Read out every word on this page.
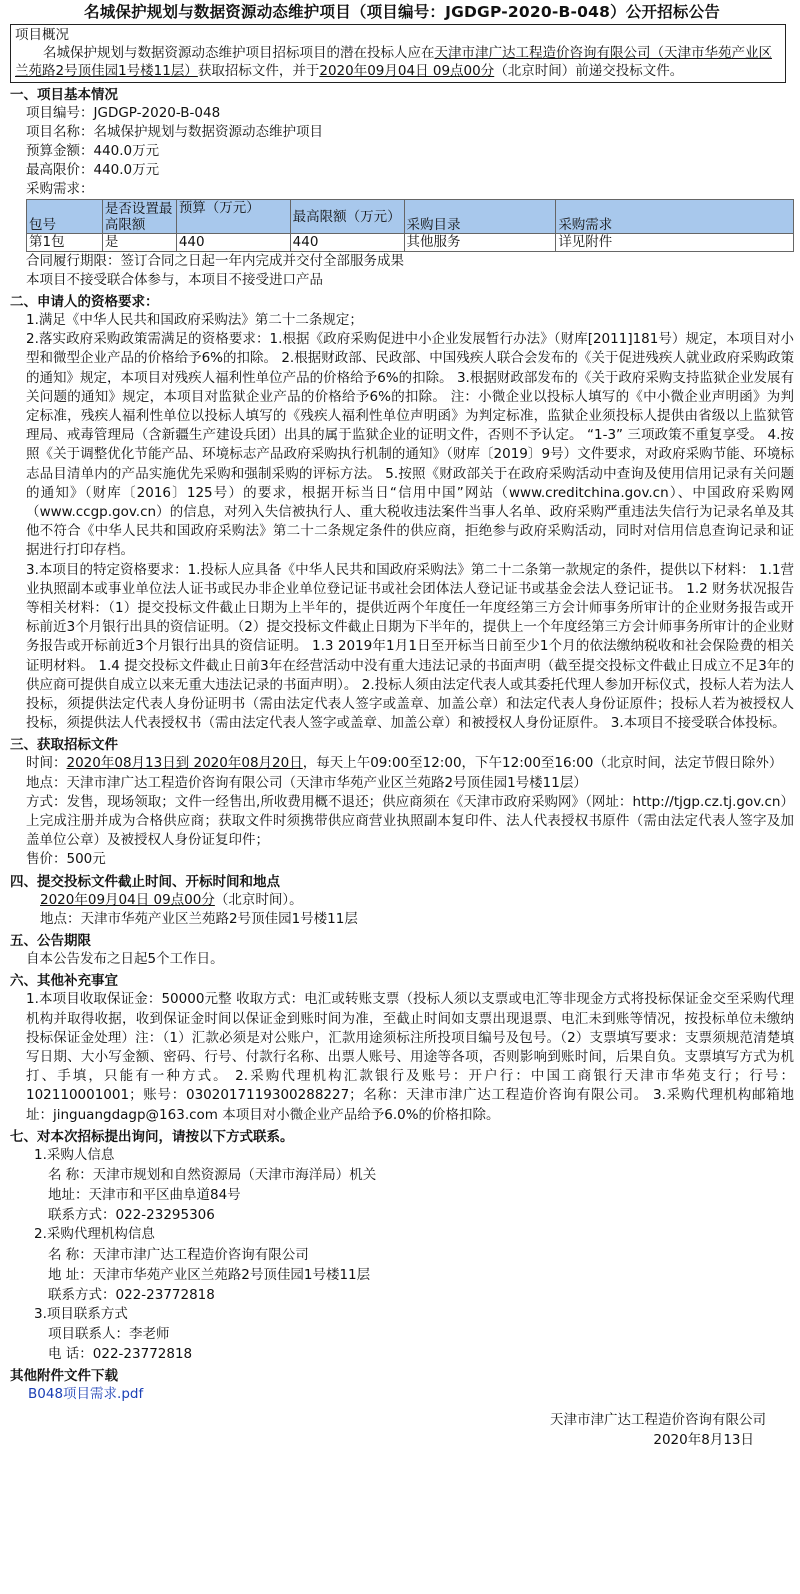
名城保护规划与数据资源动态维护项目（项目编号：JGDGP-2020-B-048）公开招标公告
项目概况
名城保护规划与数据资源动态维护项目招标项目的潜在投标人应在天津市津广达工程造价咨询有限公司（天津市华苑产业区兰苑路2号顶佳园1号楼11层）获取招标文件，并于2020年09月04日 09点00分（北京时间）前递交投标文件。
一、项目基本情况
项目编号：JGDGP-2020-B-048
项目名称：名城保护规划与数据资源动态维护项目
预算金额：440.0万元
最高限价：440.0万元
采购需求：
包号	是否设置最高限额	预算（万元）	最高限额（万元）	采购目录	采购需求
第1包	是	440	440	其他服务	详见附件
合同履行期限：签订合同之日起一年内完成并交付全部服务成果
本项目不接受联合体参与，本项目不接受进口产品
二、申请人的资格要求：
1.满足《中华人民共和国政府采购法》第二十二条规定；
2.落实政府采购政策需满足的资格要求：1.根据《政府采购促进中小企业发展暂行办法》（财库[2011]181号）规定，本项目对小型和微型企业产品的价格给予6%的扣除。 2.根据财政部、民政部、中国残疾人联合会发布的《关于促进残疾人就业政府采购政策的通知》规定，本项目对残疾人福利性单位产品的价格给予6%的扣除。 3.根据财政部发布的《关于政府采购支持监狱企业发展有关问题的通知》规定，本项目对监狱企业产品的价格给予6%的扣除。 注：小微企业以投标人填写的《中小微企业声明函》为判定标准，残疾人福利性单位以投标人填写的《残疾人福利性单位声明函》为判定标准，监狱企业须投标人提供由省级以上监狱管理局、戒毒管理局（含新疆生产建设兵团）出具的属于监狱企业的证明文件，否则不予认定。 “1-3” 三项政策不重复享受。 4.按照《关于调整优化节能产品、环境标志产品政府采购执行机制的通知》（财库〔2019〕9号）文件要求，对政府采购节能、环境标志品目清单内的产品实施优先采购和强制采购的评标方法。 5.按照《财政部关于在政府采购活动中查询及使用信用记录有关问题的通知》（财库〔2016〕125号）的要求，根据开标当日“信用中国”网站（www.creditchina.gov.cn）、中国政府采购网（www.ccgp.gov.cn）的信息，对列入失信被执行人、重大税收违法案件当事人名单、政府采购严重违法失信行为记录名单及其他不符合《中华人民共和国政府采购法》第二十二条规定条件的供应商，拒绝参与政府采购活动，同时对信用信息查询记录和证据进行打印存档。
3.本项目的特定资格要求：1.投标人应具备《中华人民共和国政府采购法》第二十二条第一款规定的条件，提供以下材料： 1.1营业执照副本或事业单位法人证书或民办非企业单位登记证书或社会团体法人登记证书或基金会法人登记证书。 1.2 财务状况报告等相关材料：（1）提交投标文件截止日期为上半年的，提供近两个年度任一年度经第三方会计师事务所审计的企业财务报告或开标前近3个月银行出具的资信证明。（2）提交投标文件截止日期为下半年的，提供上一个年度经第三方会计师事务所审计的企业财务报告或开标前近3个月银行出具的资信证明。 1.3 2019年1月1日至开标当日前至少1个月的依法缴纳税收和社会保险费的相关证明材料。 1.4 提交投标文件截止日前3年在经营活动中没有重大违法记录的书面声明（截至提交投标文件截止日成立不足3年的供应商可提供自成立以来无重大违法记录的书面声明）。 2.投标人须由法定代表人或其委托代理人参加开标仪式，投标人若为法人投标，须提供法定代表人身份证明书（需由法定代表人签字或盖章、加盖公章）和法定代表人身份证原件；投标人若为被授权人投标，须提供法人代表授权书（需由法定代表人签字或盖章、加盖公章）和被授权人身份证原件。 3.本项目不接受联合体投标。
三、获取招标文件
时间：2020年08月13日到 2020年08月20日，每天上午09:00至12:00，下午12:00至16:00（北京时间，法定节假日除外）
地点：天津市津广达工程造价咨询有限公司（天津市华苑产业区兰苑路2号顶佳园1号楼11层）
方式：发售，现场领取；文件一经售出,所收费用概不退还；供应商须在《天津市政府采购网》（网址：http://tjgp.cz.tj.gov.cn）上完成注册并成为合格供应商；获取文件时须携带供应商营业执照副本复印件、法人代表授权书原件（需由法定代表人签字及加盖单位公章）及被授权人身份证复印件；
售价：500元
四、提交投标文件截止时间、开标时间和地点
2020年09月04日 09点00分（北京时间）。
地点：天津市华苑产业区兰苑路2号顶佳园1号楼11层
五、公告期限
自本公告发布之日起5个工作日。
六、其他补充事宜
1.本项目收取保证金：50000元整 收取方式：电汇或转账支票（投标人须以支票或电汇等非现金方式将投标保证金交至采购代理机构并取得收据，收到保证金时间以保证金到账时间为准，至截止时间如支票出现退票、电汇未到账等情况，按投标单位未缴纳投标保证金处理）注：（1）汇款必须是对公账户，汇款用途须标注所投项目编号及包号。（2）支票填写要求：支票须规范清楚填写日期、大小写金额、密码、行号、付款行名称、出票人账号、用途等各项，否则影响到账时间，后果自负。支票填写方式为机打、手填，只能有一种方式。 2.采购代理机构汇款银行及账号：开户行：中国工商银行天津市华苑支行；行号：102110001001；账号：0302017119300288227；名称：天津市津广达工程造价咨询有限公司。 3.采购代理机构邮箱地址：jinguangdagp@163.com 本项目对小微企业产品给予6.0%的价格扣除。
七、对本次招标提出询问，请按以下方式联系。
1.采购人信息
名 称：天津市规划和自然资源局（天津市海洋局）机关
地址：天津市和平区曲阜道84号
联系方式：022-23295306
2.采购代理机构信息
名 称：天津市津广达工程造价咨询有限公司
地 址：天津市华苑产业区兰苑路2号顶佳园1号楼11层
联系方式：022-23772818
3.项目联系方式
项目联系人：李老师
电 话：022-23772818
其他附件文件下载
B048项目需求.pdf
天津市津广达工程造价咨询有限公司
2020年8月13日
